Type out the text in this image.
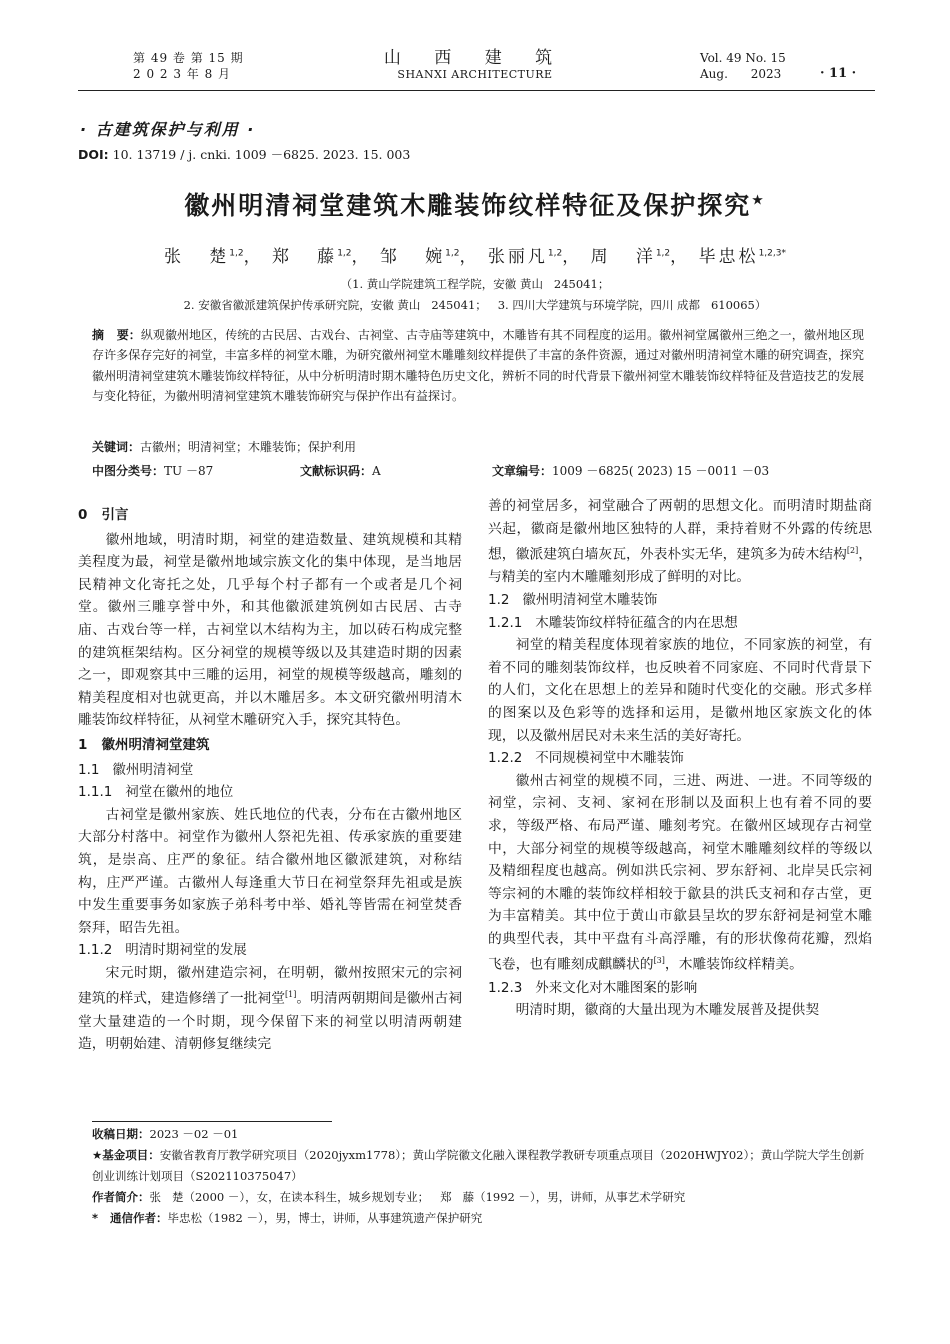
第 49 卷 第 15 期
2 0 2 3 年 8 月
山 西 建 筑
SHANXI ARCHITECTURE
Vol. 49 No. 15
Aug.      2023	· 11 ·
· 古建筑保护与利用 ·
DOI: 10. 13719 / j. cnki. 1009 －6825. 2023. 15. 003
徽州明清祠堂建筑木雕装饰纹样特征及保护探究★
张   楚$^{1,2}$， 郑   藤$^{1,2}$， 邹   婉$^{1,2}$， 张丽凡$^{1,2}$， 周   洋$^{1,2}$， 毕忠松$^{1,2,3*}$
（1. 黄山学院建筑工程学院，安徽 黄山   245041；
2. 安徽省徽派建筑保护传承研究院，安徽 黄山   245041；   3. 四川大学建筑与环境学院，四川 成都   610065）
摘   要：纵观徽州地区，传统的古民居、古戏台、古祠堂、古寺庙等建筑中，木雕皆有其不同程度的运用。徽州祠堂属徽州三绝之一，徽州地区现存许多保存完好的祠堂，丰富多样的祠堂木雕，为研究徽州祠堂木雕雕刻纹样提供了丰富的条件资源，通过对徽州明清祠堂木雕的研究调查，探究徽州明清祠堂建筑木雕装饰纹样特征，从中分析明清时期木雕特色历史文化，辨析不同的时代背景下徽州祠堂木雕装饰纹样特征及营造技艺的发展与变化特征，为徽州明清祠堂建筑木雕装饰研究与保护作出有益探讨。
关键词：古徽州；明清祠堂；木雕装饰；保护利用
中图分类号：TU －87	文献标识码：A	文章编号：1009 －6825( 2023) 15 －0011 －03
0   引言

徽州地域，明清时期，祠堂的建造数量、建筑规模和其精美程度为最，祠堂是徽州地域宗族文化的集中体现，是当地居民精神文化寄托之处，几乎每个村子都有一个或者是几个祠堂。徽州三雕享誉中外，和其他徽派建筑例如古民居、古寺庙、古戏台等一样，古祠堂以木结构为主，加以砖石构成完整的建筑框架结构。区分祠堂的规模等级以及其建造时期的因素之一，即观察其中三雕的运用，祠堂的规模等级越高，雕刻的精美程度相对也就更高，并以木雕居多。本文研究徽州明清木雕装饰纹样特征，从祠堂木雕研究入手，探究其特色。

1   徽州明清祠堂建筑
1.1   徽州明清祠堂
1.1.1   祠堂在徽州的地位

古祠堂是徽州家族、姓氏地位的代表，分布在古徽州地区大部分村落中。祠堂作为徽州人祭祀先祖、传承家族的重要建筑，是崇高、庄严的象征。结合徽州地区徽派建筑，对称结构，庄严严谨。古徽州人每逢重大节日在祠堂祭拜先祖或是族中发生重要事务如家族子弟科考中举、婚礼等皆需在祠堂焚香祭拜，昭告先祖。

1.1.2   明清时期祠堂的发展

宋元时期，徽州建造宗祠，在明朝，徽州按照宋元的宗祠建筑的样式，建造修缮了一批祠堂[1]。明清两朝期间是徽州古祠堂大量建造的一个时期，现今保留下来的祠堂以明清两朝建造，明朝始建、清朝修复继续完

善的祠堂居多，祠堂融合了两朝的思想文化。而明清时期盐商兴起，徽商是徽州地区独特的人群，秉持着财不外露的传统思想，徽派建筑白墙灰瓦，外表朴实无华，建筑多为砖木结构[2]，与精美的室内木雕雕刻形成了鲜明的对比。
1.2   徽州明清祠堂木雕装饰
1.2.1   木雕装饰纹样特征蕴含的内在思想

祠堂的精美程度体现着家族的地位，不同家族的祠堂，有着不同的雕刻装饰纹样，也反映着不同家庭、不同时代背景下的人们，文化在思想上的差异和随时代变化的交融。形式多样的图案以及色彩等的选择和运用，是徽州地区家族文化的体现，以及徽州居民对未来生活的美好寄托。

1.2.2   不同规模祠堂中木雕装饰

徽州古祠堂的规模不同，三进、两进、一进。不同等级的祠堂，宗祠、支祠、家祠在形制以及面积上也有着不同的要求，等级严格、布局严谨、雕刻考究。在徽州区域现存古祠堂中，大部分祠堂的规模等级越高，祠堂木雕雕刻纹样的等级以及精细程度也越高。例如洪氏宗祠、罗东舒祠、北岸吴氏宗祠等宗祠的木雕的装饰纹样相较于歙县的洪氏支祠和存古堂，更为丰富精美。其中位于黄山市歙县呈坎的罗东舒祠是祠堂木雕的典型代表，其中平盘有斗高浮雕，有的形状像荷花瓣，烈焰飞卷，也有雕刻成麒麟状的[3]，木雕装饰纹样精美。

1.2.3   外来文化对木雕图案的影响

明清时期，徽商的大量出现为木雕发展普及提供契

收稿日期：2023 －02 －01
★基金项目：安徽省教育厅教学研究项目（2020jyxm1778）；黄山学院徽文化融入课程教学教研专项重点项目（2020HWJY02）；黄山学院大学生创新创业训练计划项目（S202110375047）
作者简介：张   楚（2000 －），女，在读本科生，城乡规划专业；   郑   藤（1992 －），男，讲师，从事艺术学研究
*   通信作者：毕忠松（1982 －），男，博士，讲师，从事建筑遗产保护研究
